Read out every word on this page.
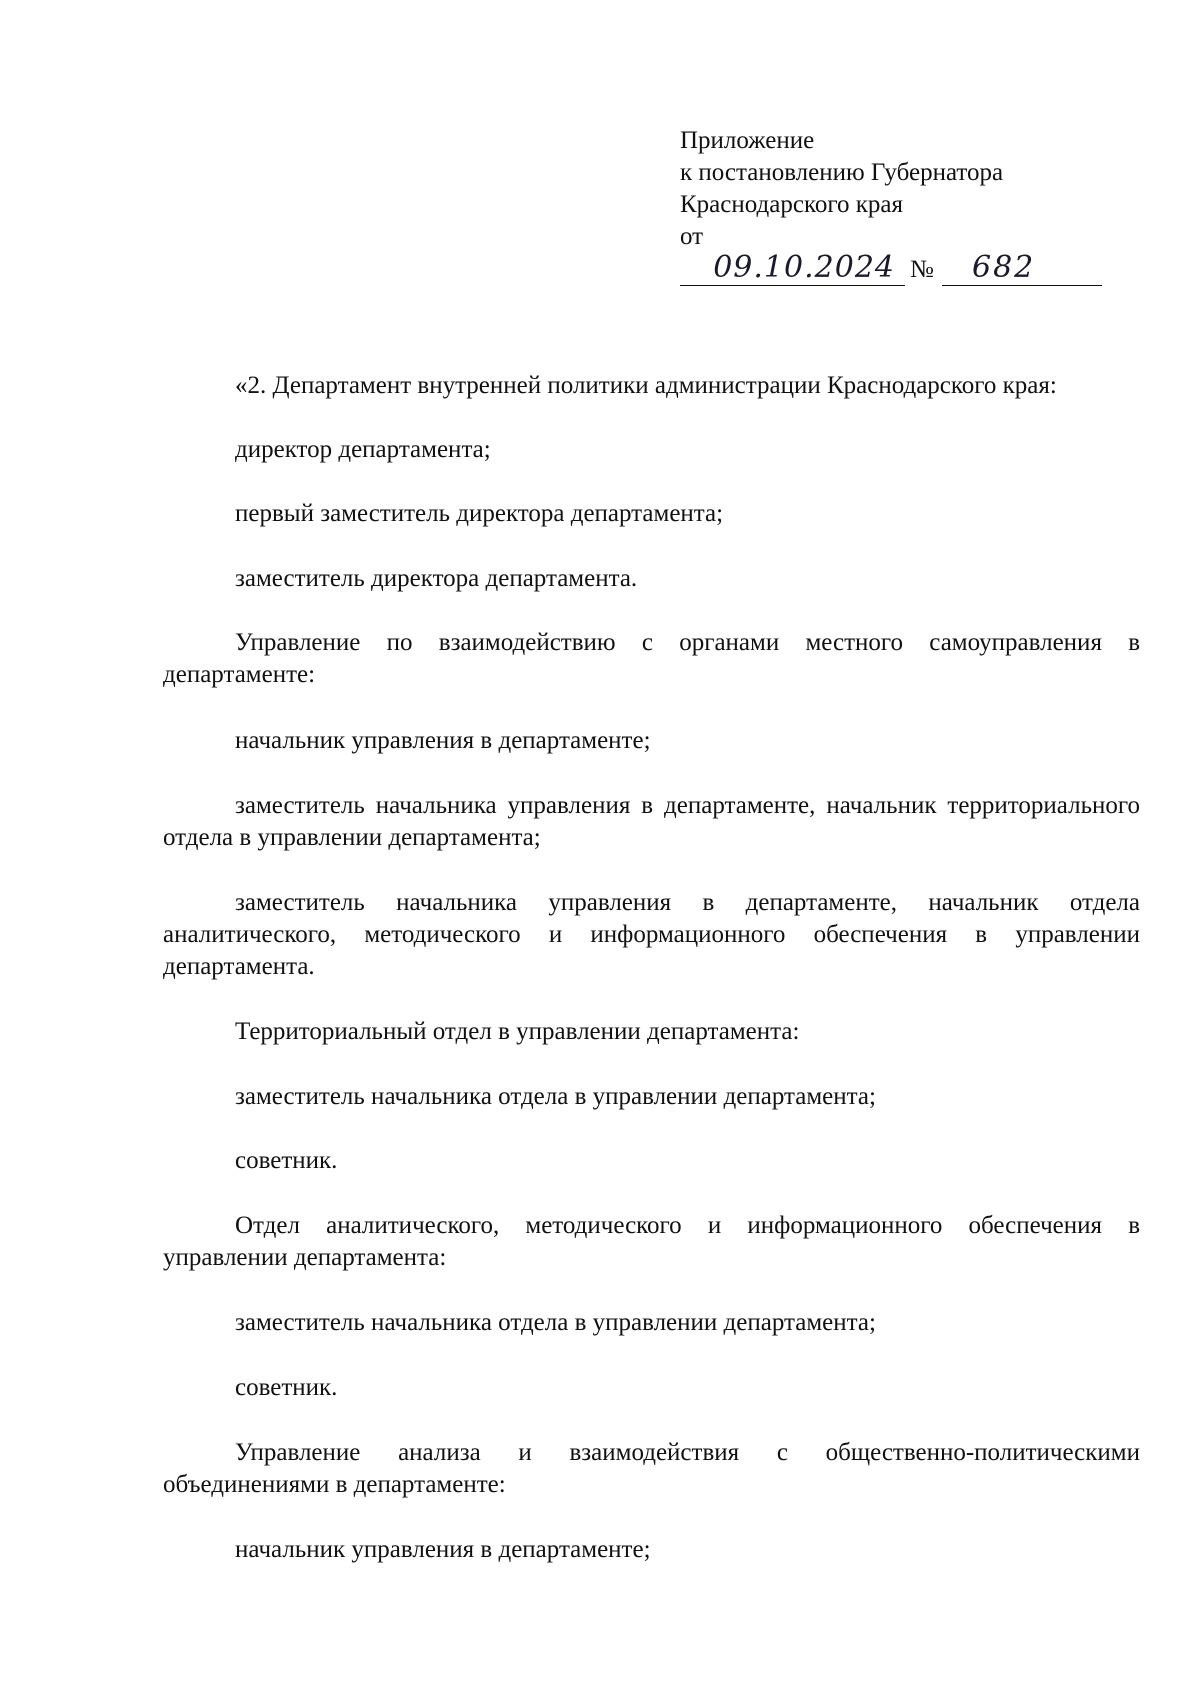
Приложение
к постановлению Губернатора
Краснодарского края
от
09.10.2024 №	682
«2. Департамент внутренней политики администрации Краснодарского края:
директор департамента;
первый заместитель директора департамента;
заместитель директора департамента.
Управление по взаимодействию с органами местного самоуправления в департаменте:
начальник управления в департаменте;
заместитель начальника управления в департаменте, начальник территориального отдела в управлении департамента;
заместитель начальника управления в департаменте, начальник отдела аналитического, методического и информационного обеспечения в управлении департамента.
Территориальный отдел в управлении департамента:
заместитель начальника отдела в управлении департамента;
советник.
Отдел аналитического, методического и информационного обеспечения в управлении департамента:
заместитель начальника отдела в управлении департамента;
советник.
Управление анализа и взаимодействия с общественно-политическими объединениями в департаменте:
начальник управления в департаменте;
